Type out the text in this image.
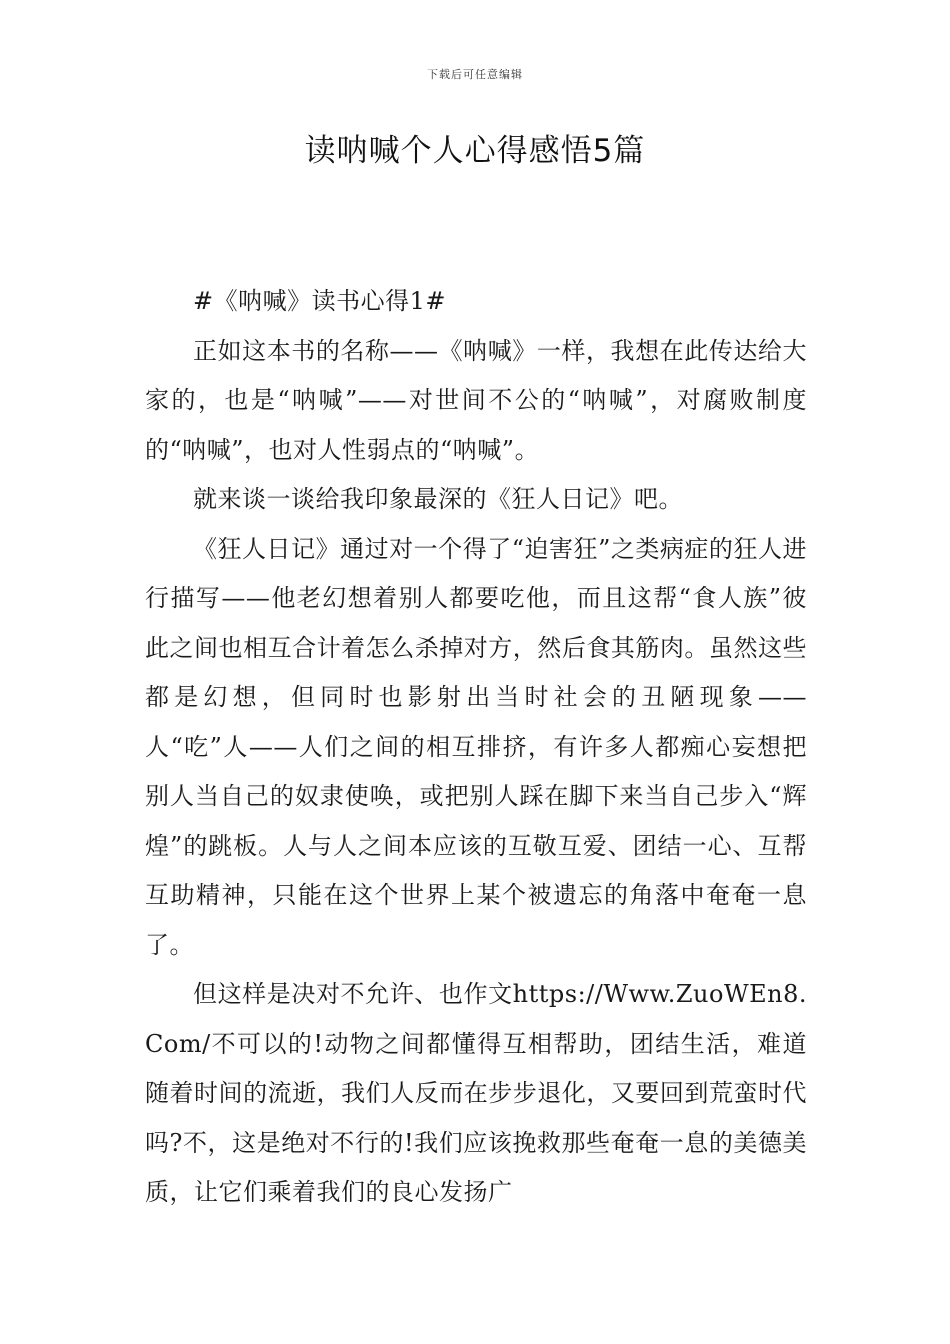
下载后可任意编辑
读呐喊个人心得感悟5篇

#《呐喊》读书心得1#

正如这本书的名称——《呐喊》一样，我想在此传达给大家的，也是“呐喊”——对世间不公的“呐喊”，对腐败制度的“呐喊”，也对人性弱点的“呐喊”。

就来谈一谈给我印象最深的《狂人日记》吧。

《狂人日记》通过对一个得了“迫害狂”之类病症的狂人进行描写——他老幻想着别人都要吃他，而且这帮“食人族”彼此之间也相互合计着怎么杀掉对方，然后食其筋肉。虽然这些都是幻想，但同时也影射出当时社会的丑陋现象——人“吃”人——人们之间的相互排挤，有许多人都痴心妄想把别人当自己的奴隶使唤，或把别人踩在脚下来当自己步入“辉煌”的跳板。人与人之间本应该的互敬互爱、团结一心、互帮互助精神，只能在这个世界上某个被遗忘的角落中奄奄一息了。

但这样是决对不允许、也作文https://Www.ZuoWEn8.Com/不可以的!动物之间都懂得互相帮助，团结生活，难道随着时间的流逝，我们人反而在步步退化，又要回到荒蛮时代吗?不，这是绝对不行的!我们应该挽救那些奄奄一息的美德美质，让它们乘着我们的良心发扬广
